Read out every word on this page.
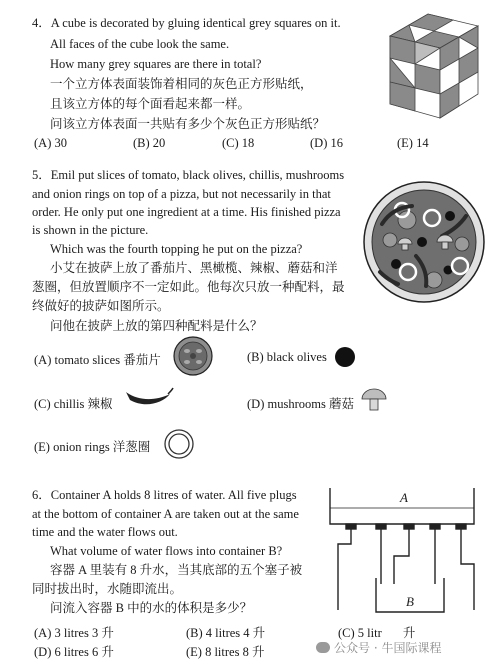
4．A cube is decorated by gluing identical grey squares on it.
All faces of the cube look the same.
How many grey squares are there in total?
一个立方体表面装饰着相同的灰色正方形贴纸，
且该立方体的每个面看起来都一样。
问该立方体表面一共贴有多少个灰色正方形贴纸？
(A) 30	(B) 20	(C) 18	(D) 16	(E) 14
5．Emil put slices of tomato, black olives, chillis, mushrooms
and onion rings on top of a pizza, but not necessarily in that
order. He only put one ingredient at a time. His finished pizza
is shown in the picture.
Which was the fourth topping he put on the pizza?
小艾在披萨上放了番茄片、黑橄榄、辣椒、蘑菇和洋
葱圈，但放置顺序不一定如此。他每次只放一种配料，最
终做好的披萨如图所示。
问他在披萨上放的第四种配料是什么？
(A) tomato slices 番茄片	(B) black olives
(C) chillis 辣椒	(D) mushrooms 蘑菇
(E) onion rings 洋葱圈
6．Container A holds 8 litres of water. All five plugs
at the bottom of container A are taken out at the same
time and the water flows out.
What volume of water flows into container B?
容器 A 里装有 8 升水，当其底部的五个塞子被
同时拔出时，水随即流出。
问流入容器 B 中的水的体积是多少？
(A) 3 litres 3 升	(B) 4 litres 4 升	(C) 5 litr 升
(D) 6 litres 6 升	(E) 8 litres 8 升
A
B
公众号 · 牛国际课程
